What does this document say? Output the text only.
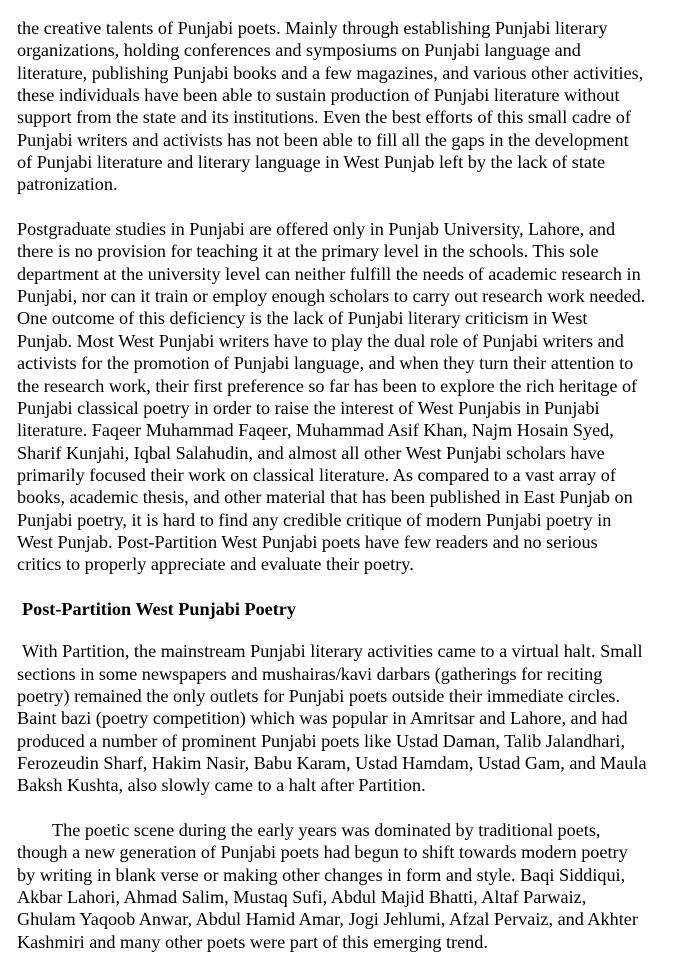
the creative talents of Punjabi poets. Mainly through establishing Punjabi literary
organizations, holding conferences and symposiums on Punjabi language and
literature, publishing Punjabi books and a few magazines, and various other activities,
these individuals have been able to sustain production of Punjabi literature without
support from the state and its institutions. Even the best efforts of this small cadre of
Punjabi writers and activists has not been able to fill all the gaps in the development
of Punjabi literature and literary language in West Punjab left by the lack of state
patronization.
Postgraduate studies in Punjabi are offered only in Punjab University, Lahore, and
there is no provision for teaching it at the primary level in the schools. This sole
department at the university level can neither fulfill the needs of academic research in
Punjabi, nor can it train or employ enough scholars to carry out research work needed.
One outcome of this deficiency is the lack of Punjabi literary criticism in West
Punjab. Most West Punjabi writers have to play the dual role of Punjabi writers and
activists for the promotion of Punjabi language, and when they turn their attention to
the research work, their first preference so far has been to explore the rich heritage of
Punjabi classical poetry in order to raise the interest of West Punjabis in Punjabi
literature. Faqeer Muhammad Faqeer, Muhammad Asif Khan, Najm Hosain Syed,
Sharif Kunjahi, Iqbal Salahudin, and almost all other West Punjabi scholars have
primarily focused their work on classical literature. As compared to a vast array of
books, academic thesis, and other material that has been published in East Punjab on
Punjabi poetry, it is hard to find any credible critique of modern Punjabi poetry in
West Punjab. Post-Partition West Punjabi poets have few readers and no serious
critics to properly appreciate and evaluate their poetry.
Post-Partition West Punjabi Poetry
With Partition, the mainstream Punjabi literary activities came to a virtual halt. Small
sections in some newspapers and mushairas/kavi darbars (gatherings for reciting
poetry) remained the only outlets for Punjabi poets outside their immediate circles.
Baint bazi (poetry competition) which was popular in Amritsar and Lahore, and had
produced a number of prominent Punjabi poets like Ustad Daman, Talib Jalandhari,
Ferozeudin Sharf, Hakim Nasir, Babu Karam, Ustad Hamdam, Ustad Gam, and Maula
Baksh Kushta, also slowly came to a halt after Partition.
The poetic scene during the early years was dominated by traditional poets,
though a new generation of Punjabi poets had begun to shift towards modern poetry
by writing in blank verse or making other changes in form and style. Baqi Siddiqui,
Akbar Lahori, Ahmad Salim, Mustaq Sufi, Abdul Majid Bhatti, Altaf Parwaiz,
Ghulam Yaqoob Anwar, Abdul Hamid Amar, Jogi Jehlumi, Afzal Pervaiz, and Akhter
Kashmiri and many other poets were part of this emerging trend.
